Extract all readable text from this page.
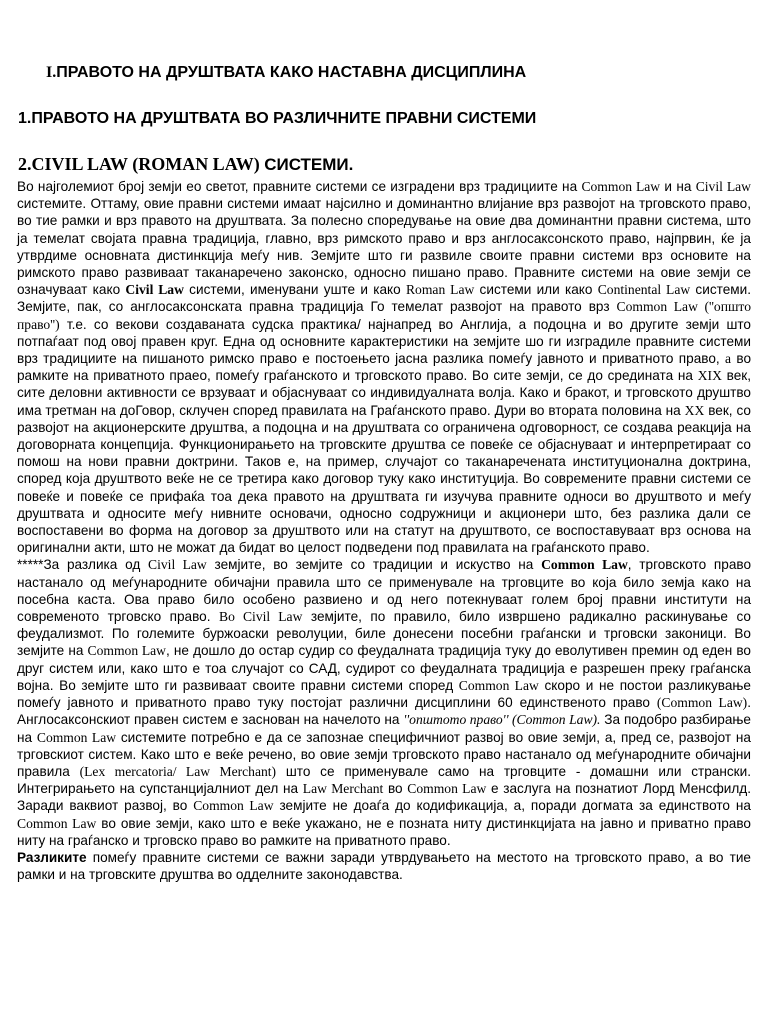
I.ПРАВОТО НА ДРУШТВАТА КАКО НАСТАВНА ДИСЦИПЛИНА
1.ПРАВОТО НА ДРУШТВАТА ВО РАЗЛИЧНИТЕ ПРАВНИ СИСТЕМИ
2.CIVIL LAW (ROMAN LAW) СИСТЕМИ.

Во најголемиот број земји ео светот, правните системи се изградени врз традициите на Common Law и на Civil Law системите. Оттаму, овие правни системи имаат најсилно и доминантно влијание врз развојот на трговското право, во тие рамки и врз правото на друштвата. За полесно споредување на овие два доминантни правни система, што ја темелат својата правна традиција, главно, врз римското право и врз англосаксонското право, најпрвин, ќе ја утврдиме основната дистинкција меѓу нив. Земјите што ги развиле своите правни системи врз основите на римското право развиваат таканаречено законско, односно пишано право. Правните системи на овие земји се означуваат како Civil Law системи, именувани уште и како Roman Law системи или како Continental Law системи. Земјите, пак, со англосаксонската правна традиција Го темелат развојот на правото врз Common Law (''општо право'') т.е. со векови создаваната судска практика/ најнапред во Англија, а подоцна и во другите земји што потпаѓаат под овој правен круг. Една од основните карактеристики на земјите шо ги изградиле правните системи врз традициите на пишаното римско право е постоењето јасна разлика помеѓу јавното и приватното право, а во рамките на приватното праео, помеѓу граѓанското и трговското право. Во сите земји, се до средината на XIX век, сите деловни активности се врзуваат и објаснуваат со индивидуалната волја. Како и бракот, и трговското друштво има третман на доГовор, склучен според правилата на Граѓанското право. Дури во вторaта половина на XX век, со развојот на акционерските друштва, а подоцна и на друштвата со ограничена одговорност, се создава реакција на договорната концепција. Функционирањето на трговските друштва се повеќе се објаснуваат и интерпретираат со помош на нови правни доктрини. Таков е, на пример, случајот со таканаречената институционална доктрина, според која друштвото веќе не се третира како договор туку како институција. Во современите правни системи се повеќе и повеќе се прифаќа тоа дека правото на друштвата ги изучува правните односи во друштвото и меѓу друштвата и односите меѓу нивните основачи, односно содружници и акционери што, без разлика дали се воспоставени во форма на договор за друштвото или на статут на друштвото, се воспоставуваат врз основа на оригинални акти, што не можат да бидат во целост подведени под правилата на граѓанското право.

*****За разлика од Civil Law земјите, во земјите со традиции и искуство на Common Law, трговското право настанало од меѓународните обичајни правила што се применувале на трговците во која било земја како на посебна каста. Ова право било особено развиено и од него потекнуваат голем број правни институти на современото трговско право. Во Civil Law земјите, по правило, било извршено радикално раскинување со феудализмот. По големите буржоаски револуции, биле донесени посебни граѓански и трговски законици. Во земјите на Common Law, не дошло до остар судир со феудалната традиција туку до еволутивен премин од еден во друг систем или, како што е тоа случајот со САД, судирот со феудалната традиција е разрешен преку граѓанска војна. Во земјите што ги развиваат своите правни системи според Common Law скоро и не постои разликување помеѓу јавното и приватното право туку постојат различни дисциплини 60 единственото право (Common Law). Англосаксонскиот правен систем е заснован на начелото на ''општото право'' (Common Law). За подобро разбирање на Common Law системите потребно е да се запознае специфичниот развој во овие земји, а, пред се, развојот на трговскиот систем. Како што е веќе речено, во овие земји трговското право настанало од меѓународните обичајни правила (Lex mercatoria/ Law Merchant) што се применувале само на трговците - домашни или странски. Интегрирањето на супстанцијалниот дел на Law Merchant во Common Law е заслуга на познатиот Лорд Менсфилд. Заради ваквиот развој, во Common Law земјите не доаѓа до кодификација, а, поради догмата за единството на Common Law во овие земји, како што е веќе укажано, не е позната ниту дистинкцијата на јавно и приватно право ниту на граѓанско и трговско право во рамките на приватното право.

Разликите помеѓу правните системи се важни заради утврдувањето на местото на трговското право, а во тие рамки и на трговските друштва во одделните законодавства.
